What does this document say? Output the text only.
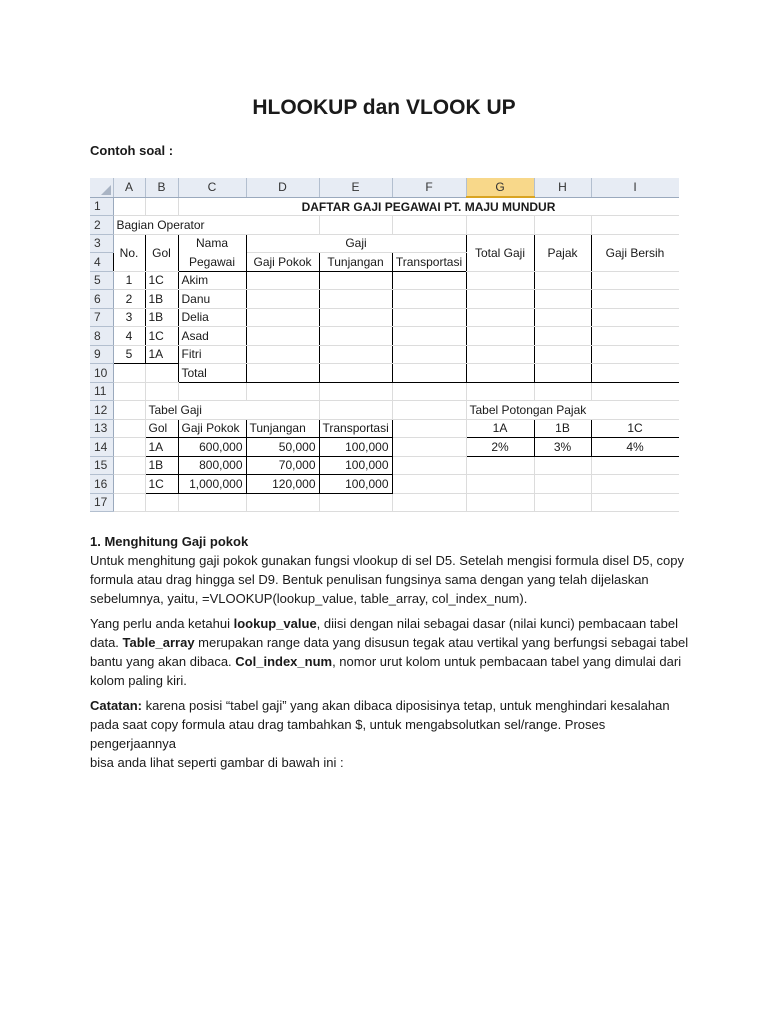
HLOOKUP dan VLOOK UP
Contoh soal :
	A	B	C	D	E	F	G	H	I
1			DAFTAR GAJI PEGAWAI PT. MAJU MUNDUR						
2	Bagian Operator								
3	No.	Gol	Nama	Gaji			Total Gaji	Pajak	Gaji Bersih
4			Pegawai	Gaji Pokok	Tunjangan	Transportasi			
5	1	1C	Akim						
6	2	1B	Danu						
7	3	1B	Delia						
8	4	1C	Asad						
9	5	1A	Fitri						
10			Total						
11									
12		Tabel Gaji					Tabel Potongan Pajak		
13		Gol	Gaji Pokok	Tunjangan	Transportasi		1A	1B	1C
14		1A	600,000	50,000	100,000		2%	3%	4%
15		1B	800,000	70,000	100,000				
16		1C	1,000,000	120,000	100,000				
17									

1. Menghitung Gaji pokok

Untuk menghitung gaji pokok gunakan fungsi vlookup di sel D5. Setelah mengisi formula disel D5, copy

formula atau drag hingga sel D9. Bentuk penulisan fungsinya sama dengan yang telah dijelaskan

sebelumnya, yaitu, =VLOOKUP(lookup_value, table_array, col_index_num).

Yang perlu anda ketahui lookup_value, diisi dengan nilai sebagai dasar (nilai kunci) pembacaan tabel

data. Table_array merupakan range data yang disusun tegak atau vertikal yang berfungsi sebagai tabel

bantu yang akan dibaca. Col_index_num, nomor urut kolom untuk pembacaan tabel yang dimulai dari

kolom paling kiri.

Catatan: karena posisi “tabel gaji” yang akan dibaca diposisinya tetap, untuk menghindari kesalahan

pada saat copy formula atau drag tambahkan $, untuk mengabsolutkan sel/range. Proses pengerjaannya

bisa anda lihat seperti gambar di bawah ini :
